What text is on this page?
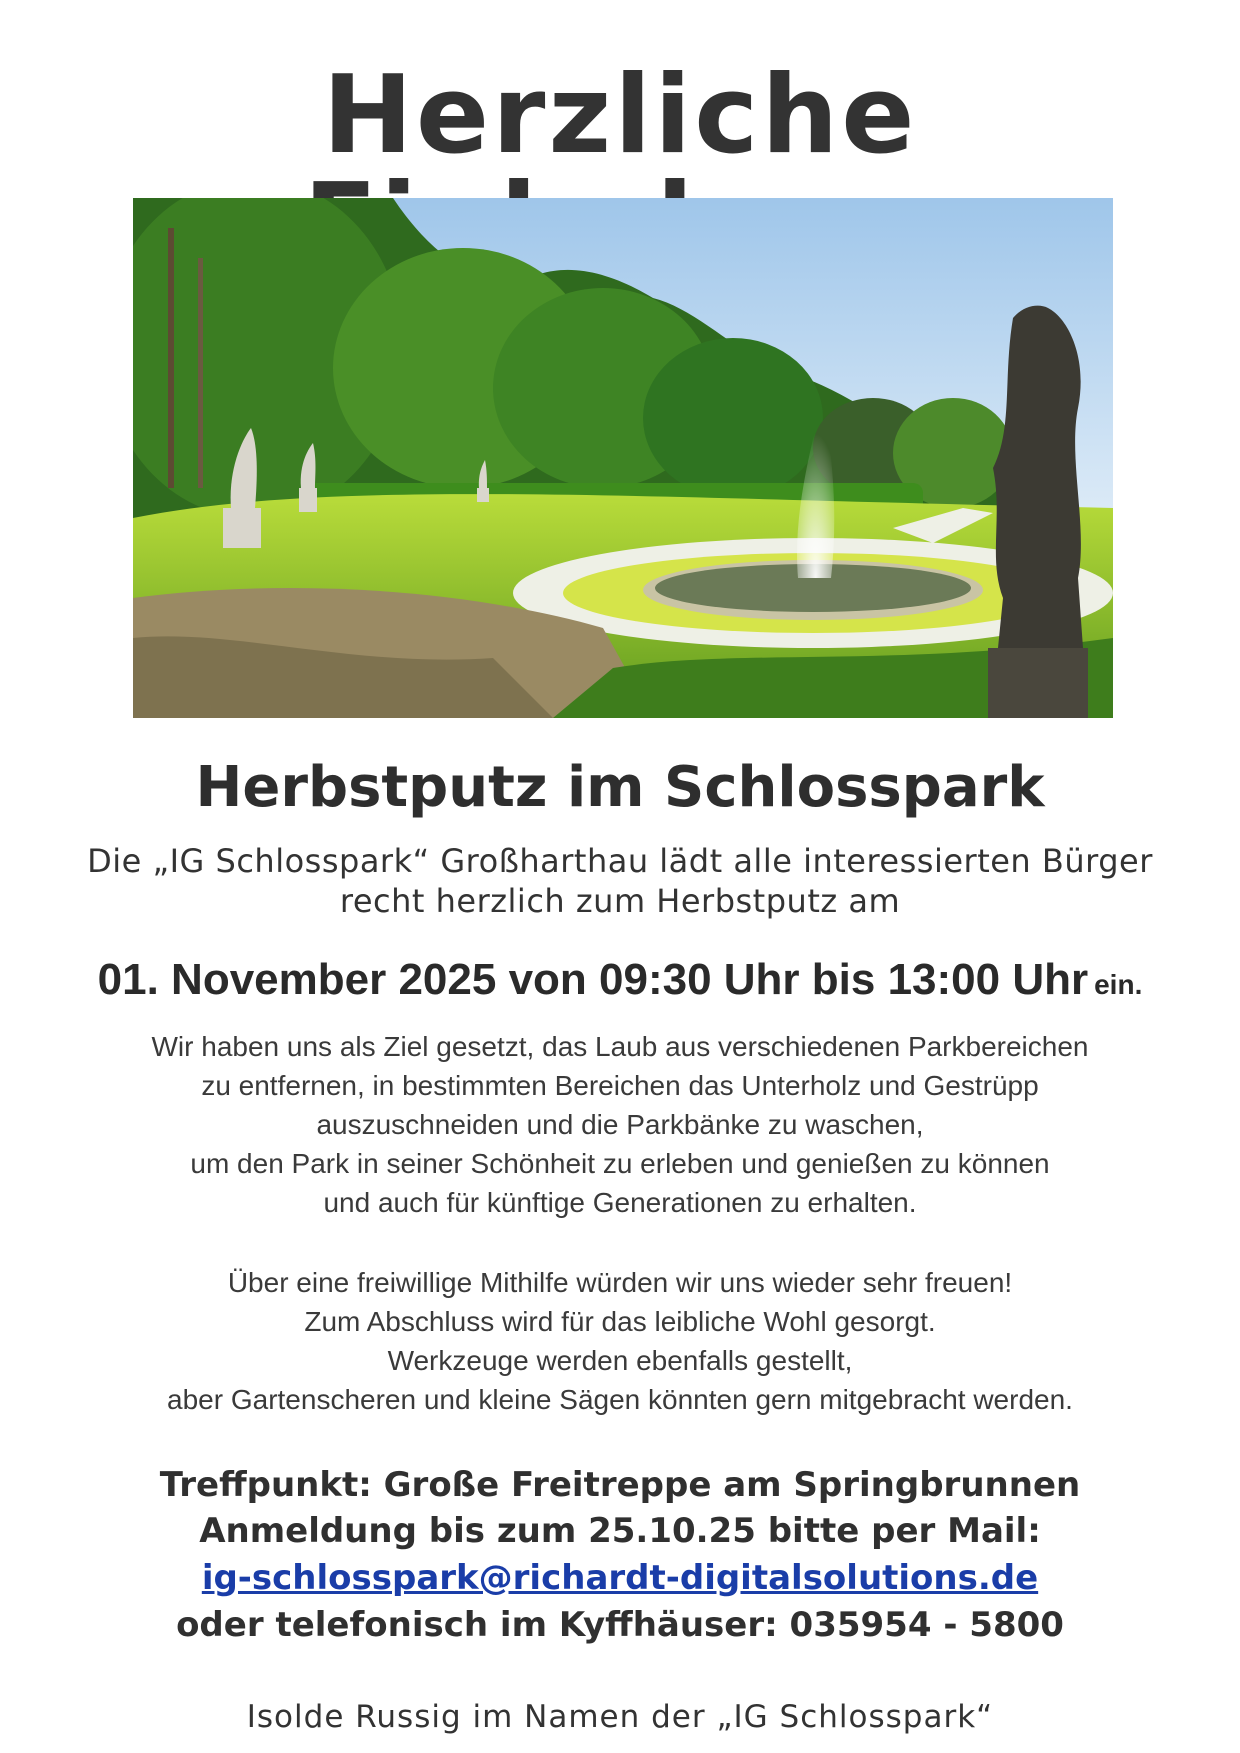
Herzliche
Herbstputz im Schlosspark
Die „IG Schlosspark“ Großharthau lädt alle interessierten Bürger
recht herzlich zum Herbstputz am
01. November 2025 von 09:30 Uhr bis 13:00 Uhr ein.
Wir haben uns als Ziel gesetzt, das Laub aus verschiedenen Parkbereichen
zu entfernen, in bestimmten Bereichen das Unterholz und Gestrüpp
auszuschneiden und die Parkbänke zu waschen,
um den Park in seiner Schönheit zu erleben und genießen zu können
und auch für künftige Generationen zu erhalten.
Über eine freiwillige Mithilfe würden wir uns wieder sehr freuen!
Zum Abschluss wird für das leibliche Wohl gesorgt.
Werkzeuge werden ebenfalls gestellt,
aber Gartenscheren und kleine Sägen könnten gern mitgebracht werden.
Treffpunkt: Große Freitreppe am Springbrunnen
Anmeldung bis zum 25.10.25 bitte per Mail:
ig-schlosspark@richardt-digitalsolutions.de
oder telefonisch im Kyffhäuser: 035954 - 5800
Isolde Russig im Namen der „IG Schlosspark“
